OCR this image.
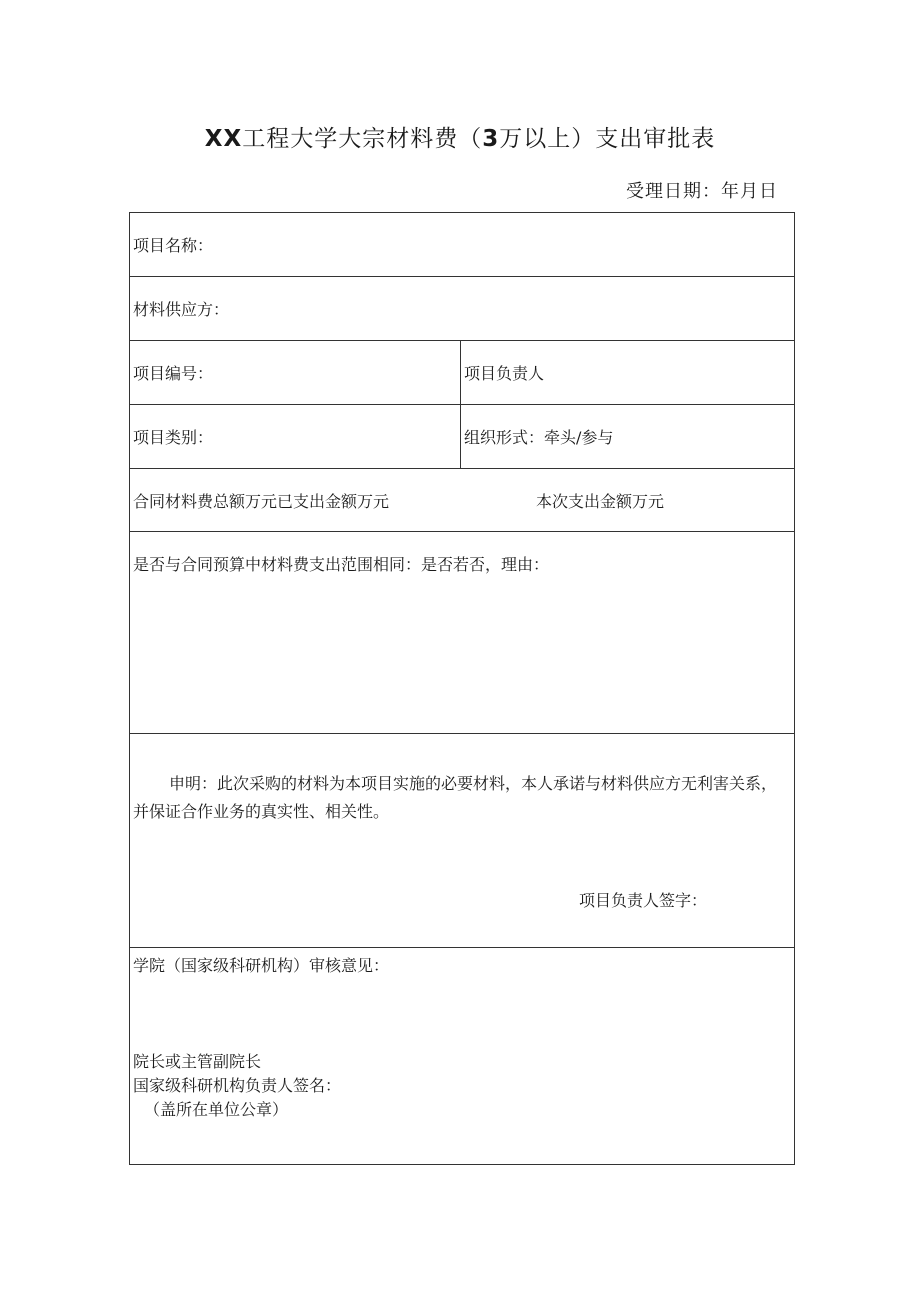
XX工程大学大宗材料费（3万以上）支出审批表
受理日期：年月日
项目名称：	
材料供应方：	
项目编号：	项目负责人
项目类别：	组织形式：牵头/参与
合同材料费总额万元已支出金额万元 本次支出金额万元	

是否与合同预算中材料费支出范围相同：是否若否，理由：	

申明：此次采购的材料为本项目实施的必要材料，本人承诺与材料供应方无利害关系，并保证合作业务的真实性、相关性。
项目负责人签字：	

学院（国家级科研机构）审核意见：
院长或主管副院长
国家级科研机构负责人签名：
（盖所在单位公章）	
